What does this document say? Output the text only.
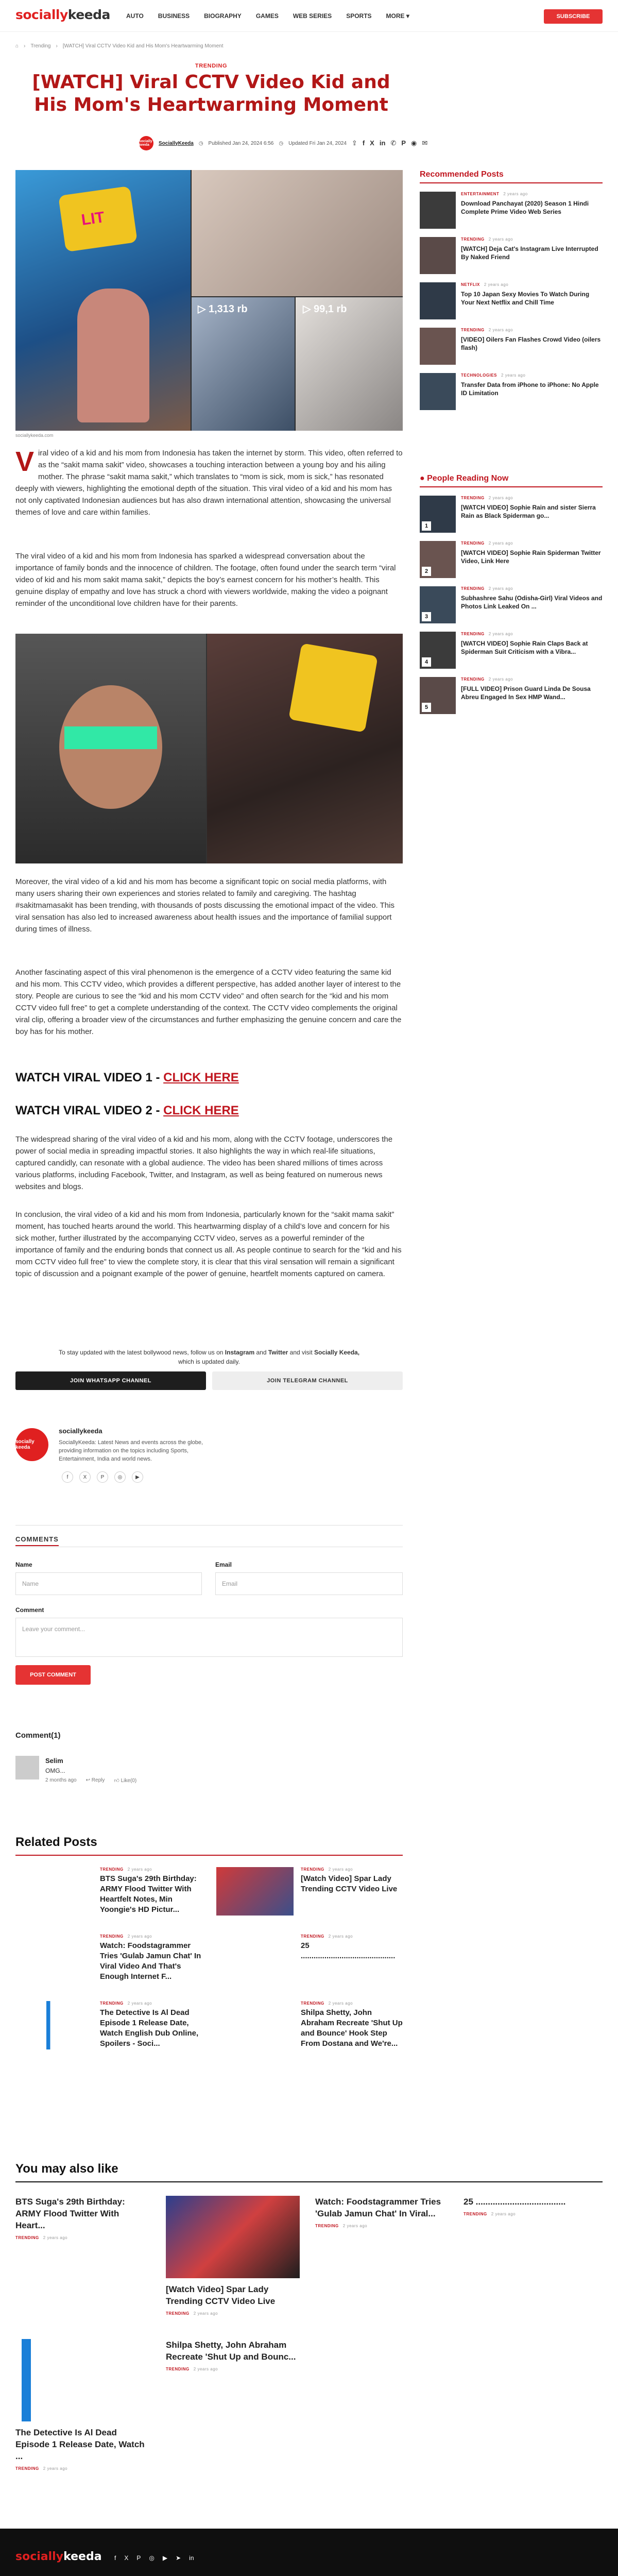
sociallykeeda	AUTO BUSINESS BIOGRAPHY GAMES WEB SERIES SPORTS MORE ▾	SUBSCRIBE
⌂ › Trending › [WATCH] Viral CCTV Video Kid and His Mom's Heartwarming Moment
TRENDING
[WATCH] Viral CCTV Video Kid and His Mom's Heartwarming Moment
socially keeda	SociallyKeeda ◷ Published Jan 24, 2024 6:56 ◷ Updated Fri Jan 24, 2024 ⇪ f X in ✆ P ◉ ✉
LIT
▷ 1,313 rb	▷ 99,1 rb
sociallykeeda.com
Viral video of a kid and his mom from Indonesia has taken the internet by storm. This video, often referred to as the “sakit mama sakit” video, showcases a touching interaction between a young boy and his ailing mother. The phrase “sakit mama sakit,” which translates to “mom is sick, mom is sick,” has resonated deeply with viewers, highlighting the emotional depth of the situation. This viral video of a kid and his mom has not only captivated Indonesian audiences but has also drawn international attention, showcasing the universal themes of love and care within families.
The viral video of a kid and his mom from Indonesia has sparked a widespread conversation about the importance of family bonds and the innocence of children. The footage, often found under the search term “viral video of kid and his mom sakit mama sakit,” depicts the boy’s earnest concern for his mother’s health. This genuine display of empathy and love has struck a chord with viewers worldwide, making the video a poignant reminder of the unconditional love children have for their parents.
Moreover, the viral video of a kid and his mom has become a significant topic on social media platforms, with many users sharing their own experiences and stories related to family and caregiving. The hashtag #sakitmamasakit has been trending, with thousands of posts discussing the emotional impact of the video. This viral sensation has also led to increased awareness about health issues and the importance of familial support during times of illness.
Another fascinating aspect of this viral phenomenon is the emergence of a CCTV video featuring the same kid and his mom. This CCTV video, which provides a different perspective, has added another layer of interest to the story. People are curious to see the “kid and his mom CCTV video” and often search for the “kid and his mom CCTV video full free” to get a complete understanding of the context. The CCTV video complements the original viral clip, offering a broader view of the circumstances and further emphasizing the genuine concern and care the boy has for his mother.
WATCH VIRAL VIDEO 1 - CLICK HERE
WATCH VIRAL VIDEO 2 - CLICK HERE
The widespread sharing of the viral video of a kid and his mom, along with the CCTV footage, underscores the power of social media in spreading impactful stories. It also highlights the way in which real-life situations, captured candidly, can resonate with a global audience. The video has been shared millions of times across various platforms, including Facebook, Twitter, and Instagram, as well as being featured on numerous news websites and blogs.
In conclusion, the viral video of a kid and his mom from Indonesia, particularly known for the “sakit mama sakit” moment, has touched hearts around the world. This heartwarming display of a child’s love and concern for his sick mother, further illustrated by the accompanying CCTV video, serves as a powerful reminder of the importance of family and the enduring bonds that connect us all. As people continue to search for the “kid and his mom CCTV video full free” to view the complete story, it is clear that this viral sensation will remain a significant topic of discussion and a poignant example of the power of genuine, heartfelt moments captured on camera.
To stay updated with the latest bollywood news, follow us on Instagram and Twitter and visit Socially Keeda,
which is updated daily.
JOIN WHATSAPP CHANNEL	JOIN TELEGRAM CHANNEL
socially keeda
sociallykeeda
SociallyKeeda: Latest News and events across the globe, providing information on the topics including Sports, Entertainment, India and world news.
f	X	P	◎	▶
COMMENTS
Name
Name
Email
Email
Comment
Leave your comment...
POST COMMENT
Comment(1)
Selim
OMG...
2 months ago ↩ Reply 👍︎ Like(0)
Related Posts
You may also like
Recommended Posts
ENTERTAINMENT 2 years ago
Download Panchayat (2020) Season 1 Hindi Complete Prime Video Web Series
TRENDING 2 years ago
[WATCH] Deja Cat's Instagram Live Interrupted By Naked Friend
NETFLIX 2 years ago
Top 10 Japan Sexy Movies To Watch During Your Next Netflix and Chill Time
TRENDING 2 years ago
[VIDEO] Oilers Fan Flashes Crowd Video (oilers flash)
TECHNOLOGIES 2 years ago
Transfer Data from iPhone to iPhone: No Apple ID Limitation
● People Reading Now
1
TRENDING 2 years ago
[WATCH VIDEO] Sophie Rain and sister Sierra Rain as Black Spiderman go...
2
TRENDING 2 years ago
[WATCH VIDEO] Sophie Rain Spiderman Twitter Video, Link Here
3
TRENDING 2 years ago
Subhashree Sahu (Odisha-Girl) Viral Videos and Photos Link Leaked On ...
4
TRENDING 2 years ago
[WATCH VIDEO] Sophie Rain Claps Back at Spiderman Suit Criticism with a Vibra...
5
TRENDING 2 years ago
[FULL VIDEO] Prison Guard Linda De Sousa Abreu Engaged In Sex HMP Wand...
sociallykeeda f X P ◎ ▶ ➤ in
TRENDING 2 years ago
BTS Suga's 29th Birthday: ARMY Flood Twitter With Heartfelt Notes, Min Yoongie's HD Pictur...
TRENDING 2 years ago
[Watch Video] Spar Lady Trending CCTV Video Live
TRENDING 2 years ago
Watch: Foodstagrammer Tries 'Gulab Jamun Chat' In Viral Video And That's Enough Internet F...
TRENDING 2 years ago
25 ............................................
TRENDING 2 years ago
The Detective Is Al Dead Episode 1 Release Date, Watch English Dub Online, Spoilers - Soci...
TRENDING 2 years ago
Shilpa Shetty, John Abraham Recreate 'Shut Up and Bounce' Hook Step From Dostana and We're...
BTS Suga's 29th Birthday: ARMY Flood Twitter With Heart...
TRENDING 2 years ago
[Watch Video] Spar Lady Trending CCTV Video Live
TRENDING 2 years ago
Watch: Foodstagrammer Tries 'Gulab Jamun Chat' In Viral...
TRENDING 2 years ago
25 .....................................
TRENDING 2 years ago
Shilpa Shetty, John Abraham Recreate 'Shut Up and Bounc...
TRENDING 2 years ago
The Detective Is Al Dead Episode 1 Release Date, Watch ...
TRENDING 2 years ago
